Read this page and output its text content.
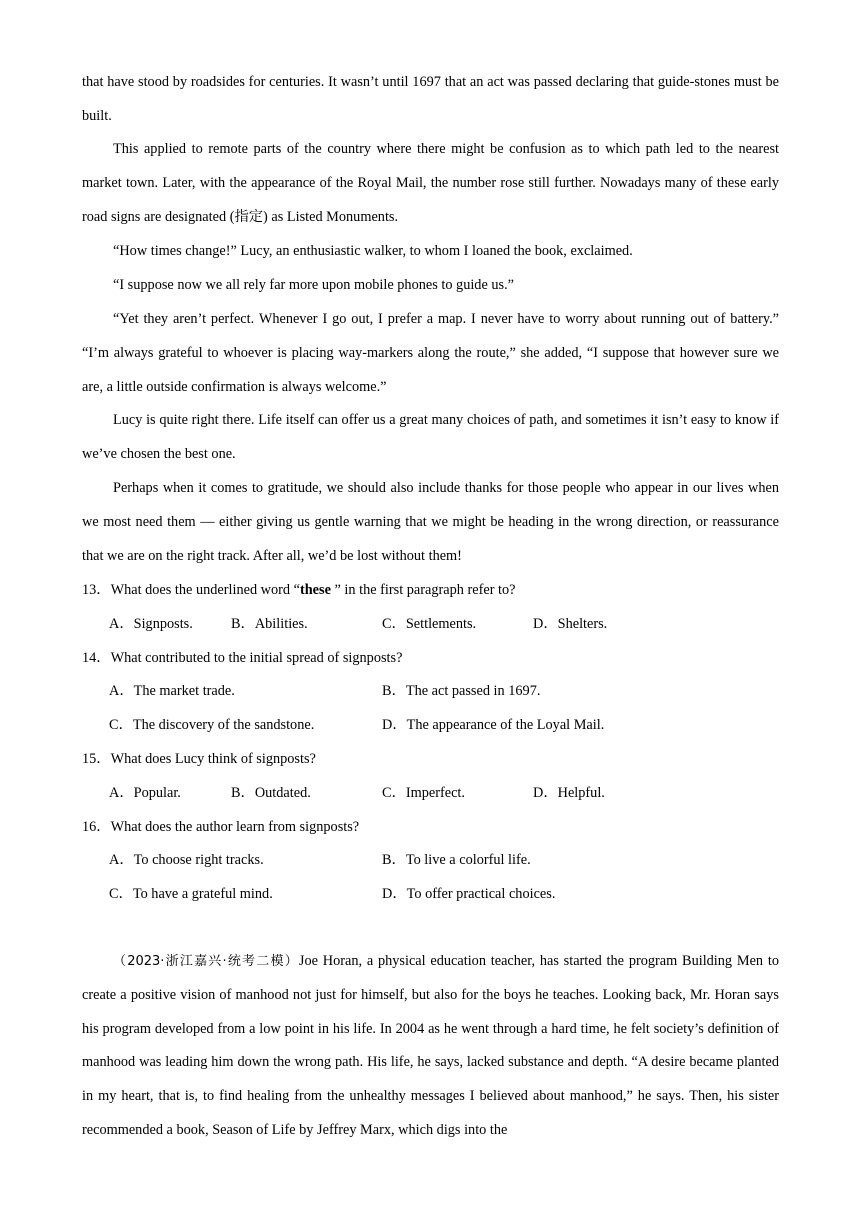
that have stood by roadsides for centuries. It wasn’t until 1697 that an act was passed declaring that guide-stones must be built.

This applied to remote parts of the country where there might be confusion as to which path led to the nearest market town. Later, with the appearance of the Royal Mail, the number rose still further. Nowadays many of these early road signs are designated (指定) as Listed Monuments.

“How times change!” Lucy, an enthusiastic walker, to whom I loaned the book, exclaimed.

“I suppose now we all rely far more upon mobile phones to guide us.”

“Yet they aren’t perfect. Whenever I go out, I prefer a map. I never have to worry about running out of battery.” “I’m always grateful to whoever is placing way-markers along the route,” she added, “I suppose that however sure we are, a little outside confirmation is always welcome.”

Lucy is quite right there. Life itself can offer us a great many choices of path, and sometimes it isn’t easy to know if we’ve chosen the best one.

Perhaps when it comes to gratitude, we should also include thanks for those people who appear in our lives when we most need them — either giving us gentle warning that we might be heading in the wrong direction, or reassurance that we are on the right track. After all, we’d be lost without them!

13．What does the underlined word “these ” in the first paragraph refer to?
A．Signposts.	B．Abilities.	C．Settlements.	D．Shelters.
14．What contributed to the initial spread of signposts?
A．The market trade.	B．The act passed in 1697.
C．The discovery of the sandstone.	D．The appearance of the Loyal Mail.
15．What does Lucy think of signposts?
A．Popular.	B．Outdated.	C．Imperfect.	D．Helpful.
16．What does the author learn from signposts?
A．To choose right tracks.	B．To live a colorful life.
C．To have a grateful mind.	D．To offer practical choices.

（2023·浙江嘉兴·统考二模）Joe Horan, a physical education teacher, has started the program Building Men to create a positive vision of manhood not just for himself, but also for the boys he teaches. Looking back, Mr. Horan says his program developed from a low point in his life. In 2004 as he went through a hard time, he felt society’s definition of manhood was leading him down the wrong path. His life, he says, lacked substance and depth. “A desire became planted in my heart, that is, to find healing from the unhealthy messages I believed about manhood,” he says. Then, his sister recommended a book, Season of Life by Jeffrey Marx, which digs into the
